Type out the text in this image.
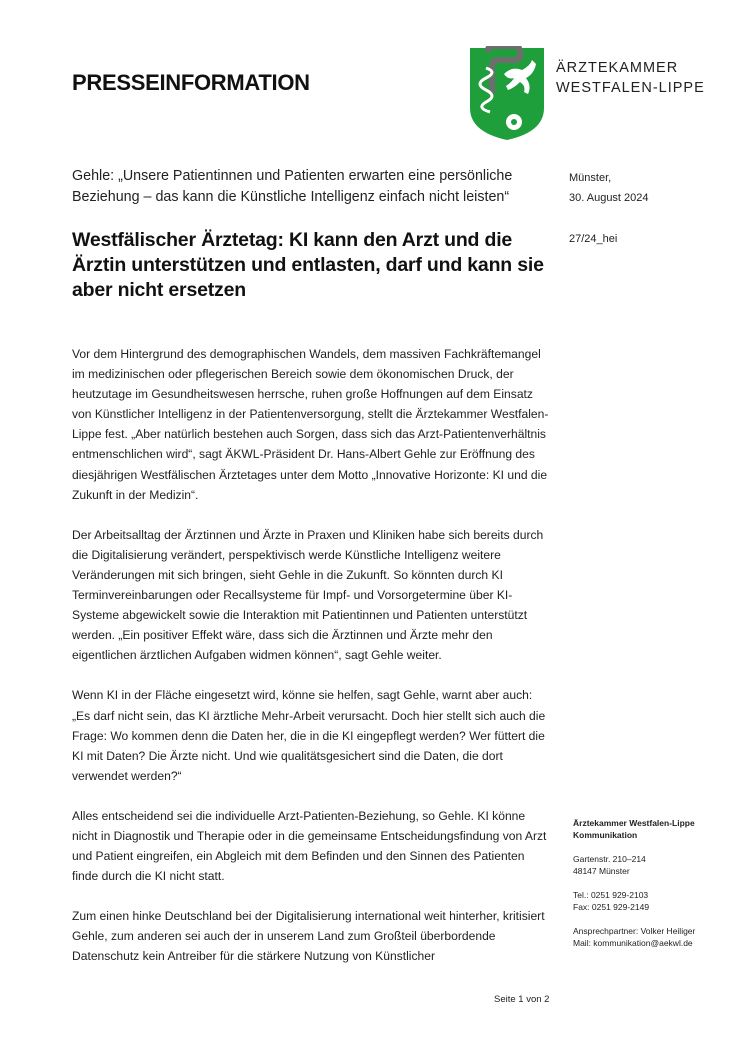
PRESSEINFORMATION
ÄRZTEKAMMER
WESTFALEN-LIPPE
Gehle: „Unsere Patientinnen und Patienten erwarten eine persönliche Beziehung – das kann die Künstliche Intelligenz einfach nicht leisten“
Westfälischer Ärztetag: KI kann den Arzt und die Ärztin unterstützen und entlasten, darf und kann sie aber nicht ersetzen
Münster,
30. August 2024
27/24_hei

Vor dem Hintergrund des demographischen Wandels, dem massiven Fachkräftemangel im medizinischen oder pflegerischen Bereich sowie dem ökonomischen Druck, der heutzutage im Gesundheitswesen herrsche, ruhen große Hoffnungen auf dem Einsatz von Künstlicher Intelligenz in der Patientenversorgung, stellt die Ärztekammer Westfalen-Lippe fest. „Aber natürlich bestehen auch Sorgen, dass sich das Arzt-Patientenverhältnis entmenschlichen wird“, sagt ÄKWL-Präsident Dr. Hans-Albert Gehle zur Eröffnung des diesjährigen Westfälischen Ärztetages unter dem Motto „Innovative Horizonte: KI und die Zukunft in der Medizin“.

Der Arbeitsalltag der Ärztinnen und Ärzte in Praxen und Kliniken habe sich bereits durch die Digitalisierung verändert, perspektivisch werde Künstliche Intelligenz weitere Veränderungen mit sich bringen, sieht Gehle in die Zukunft. So könnten durch KI Terminvereinbarungen oder Recallsysteme für Impf- und Vorsorgetermine über KI-Systeme abgewickelt sowie die Interaktion mit Patientinnen und Patienten unterstützt werden. „Ein positiver Effekt wäre, dass sich die Ärztinnen und Ärzte mehr den eigentlichen ärztlichen Aufgaben widmen können“, sagt Gehle weiter.

Wenn KI in der Fläche eingesetzt wird, könne sie helfen, sagt Gehle, warnt aber auch: „Es darf nicht sein, das KI ärztliche Mehr-Arbeit verursacht. Doch hier stellt sich auch die Frage: Wo kommen denn die Daten her, die in die KI eingepflegt werden? Wer füttert die KI mit Daten? Die Ärzte nicht. Und wie qualitätsgesichert sind die Daten, die dort verwendet werden?“

Alles entscheidend sei die individuelle Arzt-Patienten-Beziehung, so Gehle. KI könne nicht in Diagnostik und Therapie oder in die gemeinsame Entscheidungsfindung von Arzt und Patient eingreifen, ein Abgleich mit dem Befinden und den Sinnen des Patienten finde durch die KI nicht statt.

Zum einen hinke Deutschland bei der Digitalisierung international weit hinterher, kritisiert Gehle, zum anderen sei auch der in unserem Land zum Großteil überbordende Datenschutz kein Antreiber für die stärkere Nutzung von Künstlicher

Ärztekammer Westfalen-Lippe
Kommunikation
Gartenstr. 210–214
48147 Münster
Tel.: 0251 929-2103
Fax: 0251 929-2149
Ansprechpartner: Volker Heiliger
Mail: kommunikation@aekwl.de
Seite 1 von 2
